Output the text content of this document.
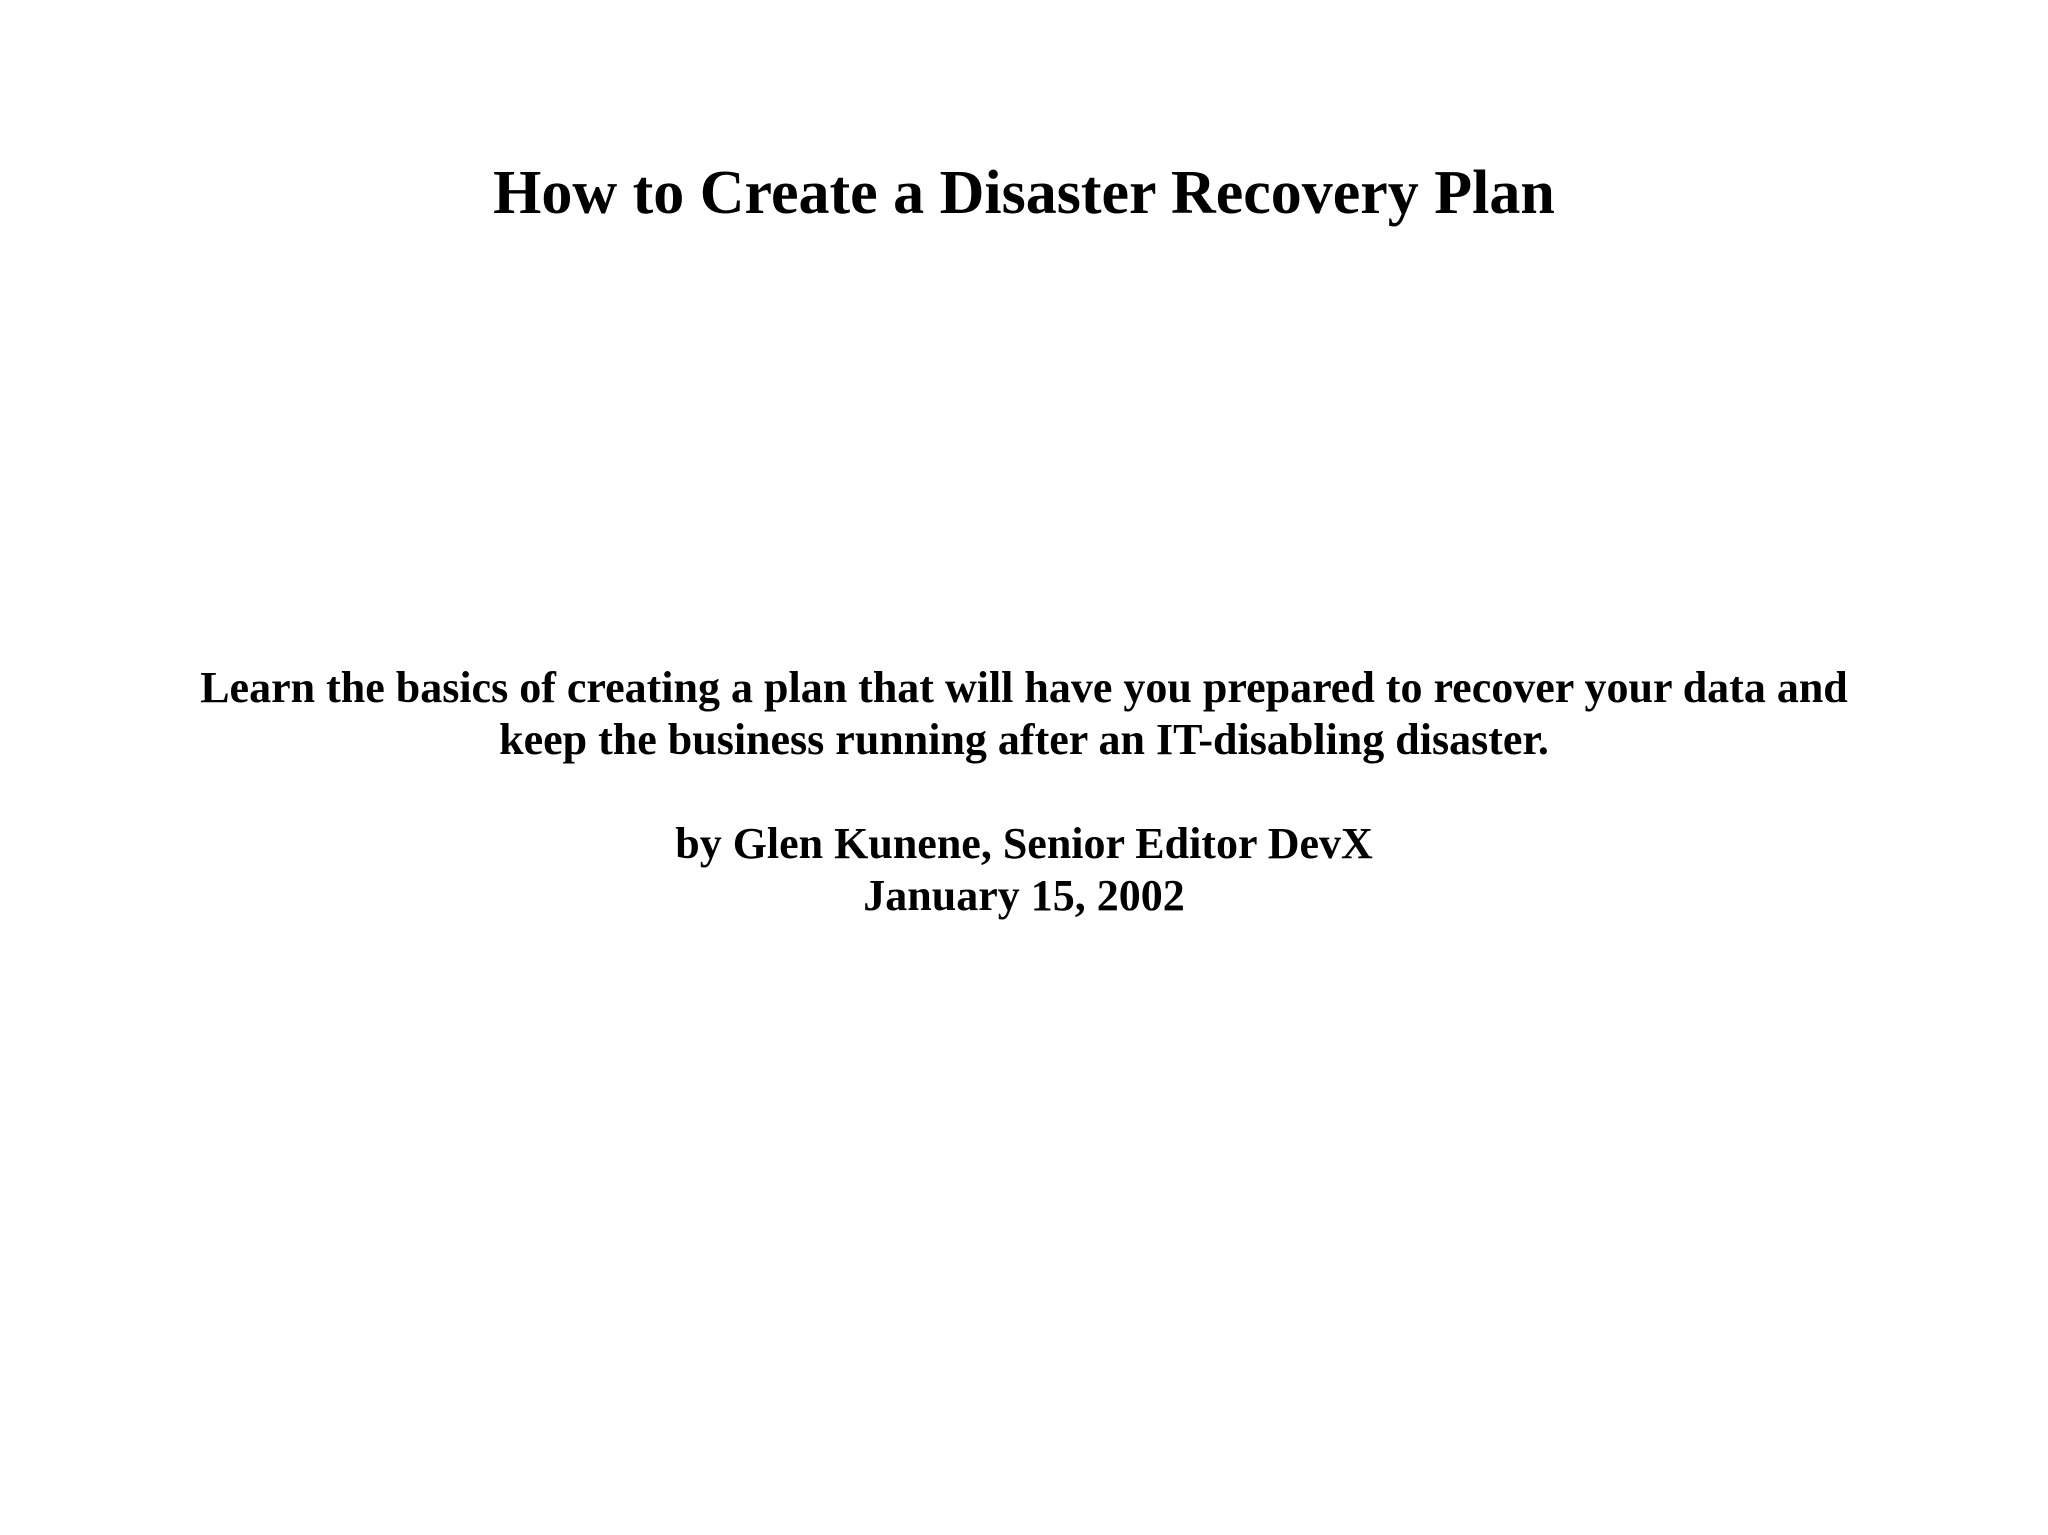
How to Create a Disaster Recovery Plan

Learn the basics of creating a plan that will have you prepared to recover your data and
keep the business running after an IT-disabling disaster.

by Glen Kunene, Senior Editor DevX
January 15, 2002
